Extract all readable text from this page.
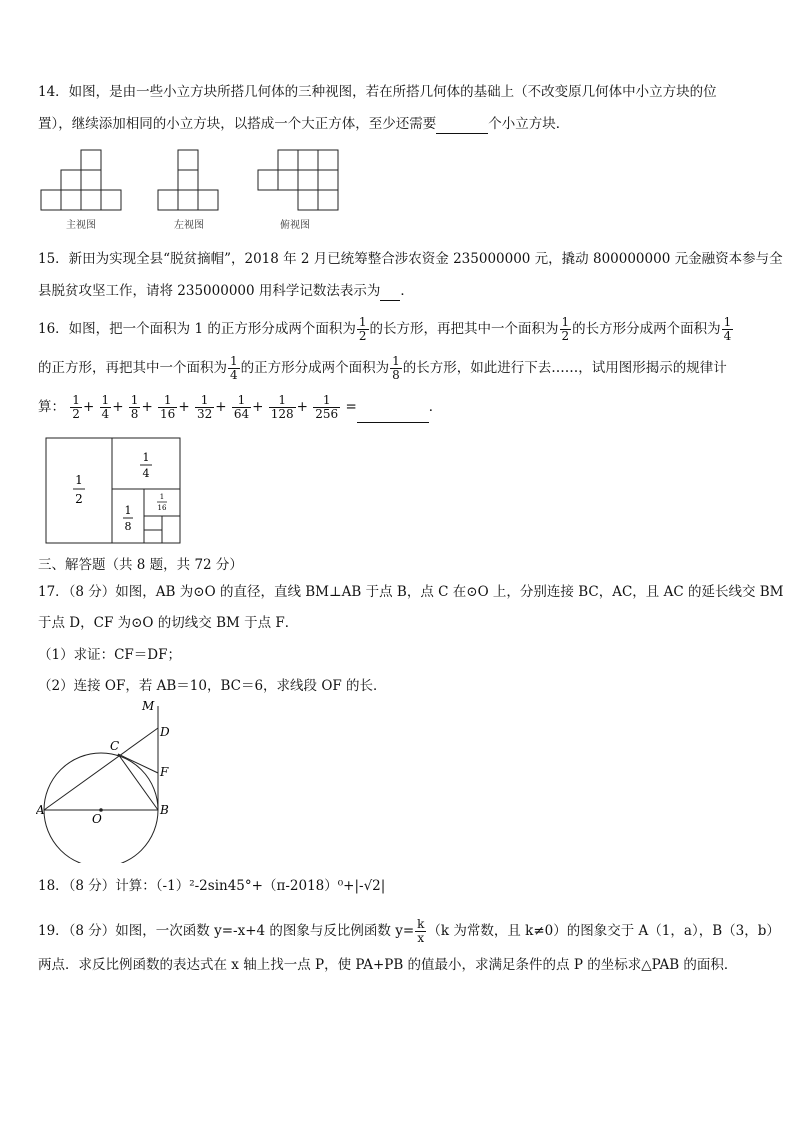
14．如图，是由一些小立方块所搭几何体的三种视图，若在所搭几何体的基础上（不改变原几何体中小立方块的位
置），继续添加相同的小立方块，以搭成一个大正方体，至少还需要	个小立方块．
主视图	左视图	俯视图
15．新田为实现全县“脱贫摘帽”，2018 年 2 月已统筹整合涉农资金 235000000 元，撬动 800000000 元金融资本参与全
县脱贫攻坚工作，请将 235000000 用科学记数法表示为 ．
16．如图，把一个面积为 1 的正方形分成两个面积为 $\frac{1}{2}$ 的长方形，再把其中一个面积为 $\frac{1}{2}$ 的长方形分成两个面积为 $\frac{1}{4}$
的正方形，再把其中一个面积为 $\frac{1}{4}$ 的正方形分成两个面积为 $\frac{1}{8}$ 的长方形，如此进行下去……，试用图形揭示的规律计
算： $\frac{1}{2} + \frac{1}{4} + \frac{1}{8} + \frac{1}{16} + \frac{1}{32} + \frac{1}{64} + \frac{1}{128} + \frac{1}{256}$ =	．
1
2
1
4
1
8
1
16
三、解答题（共 8 题，共 72 分）
17．（8 分）如图，AB 为⊙O 的直径，直线 BM⊥AB 于点 B，点 C 在⊙O 上，分别连接 BC，AC，且 AC 的延长线交 BM
于点 D，CF 为⊙O 的切线交 BM 于点 F．
（1）求证：CF＝DF；
（2）连接 OF，若 AB＝10，BC＝6，求线段 OF 的长．
M
D
C
F
A
O
B
18．（8 分）计算：（-1）²-2sin45°+（π-2018）⁰+|-√2|
19．（8 分）如图，一次函数 y=-x+4 的图象与反比例函数 $y= \frac{k}{x} (k$ 为常数，且 k≠0）的图象交于 A（1，a），B（3，b）
两点．求反比例函数的表达式在 x 轴上找一点 P，使 PA+PB 的值最小，求满足条件的点 P 的坐标求△PAB 的面积．
